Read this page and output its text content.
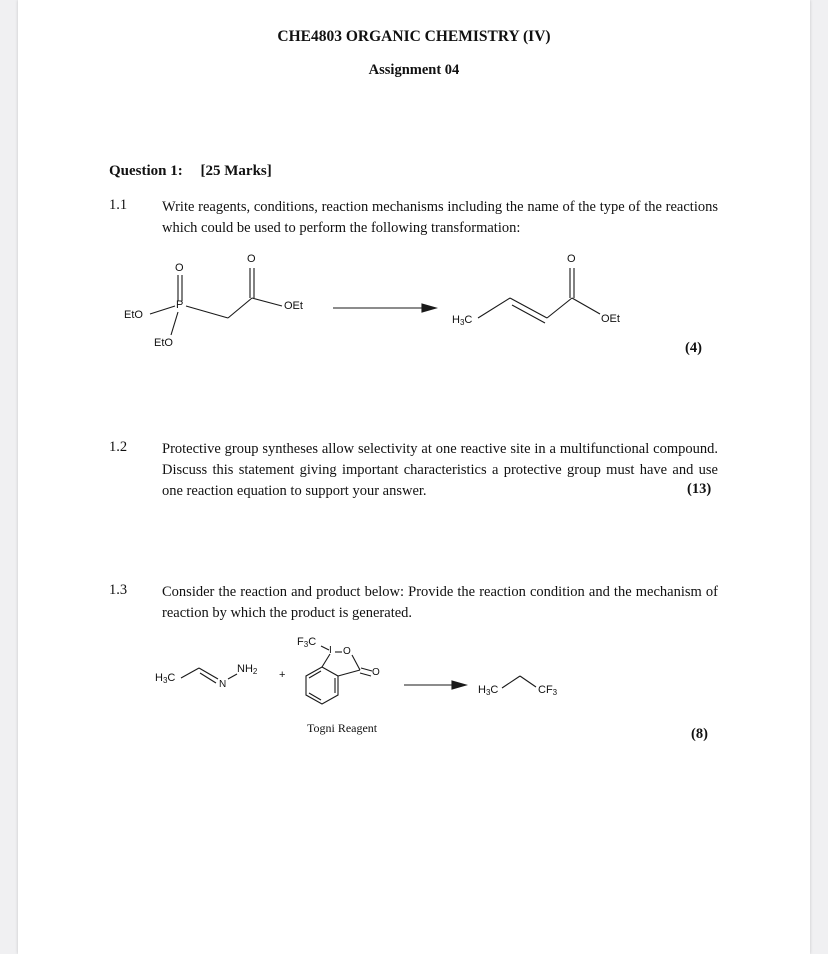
CHE4803 ORGANIC CHEMISTRY (IV)
Assignment 04
Question 1: [25 Marks]
1.1 Write reagents, conditions, reaction mechanisms including the name of the type of the reactions which could be used to perform the following transformation:
O
P
EtO
EtO
O
OEt
H3C
O
OEt
(4)
1.2 Protective group syntheses allow selectivity at one reactive site in a multifunctional compound. Discuss this statement giving important characteristics a protective group must have and use one reaction equation to support your answer.	(13)
1.3 Consider the reaction and product below: Provide the reaction condition and the mechanism of reaction by which the product is generated.
H3C
N
NH2 +
F3C
I O
O
H3C	CF3
Togni Reagent	(8)
